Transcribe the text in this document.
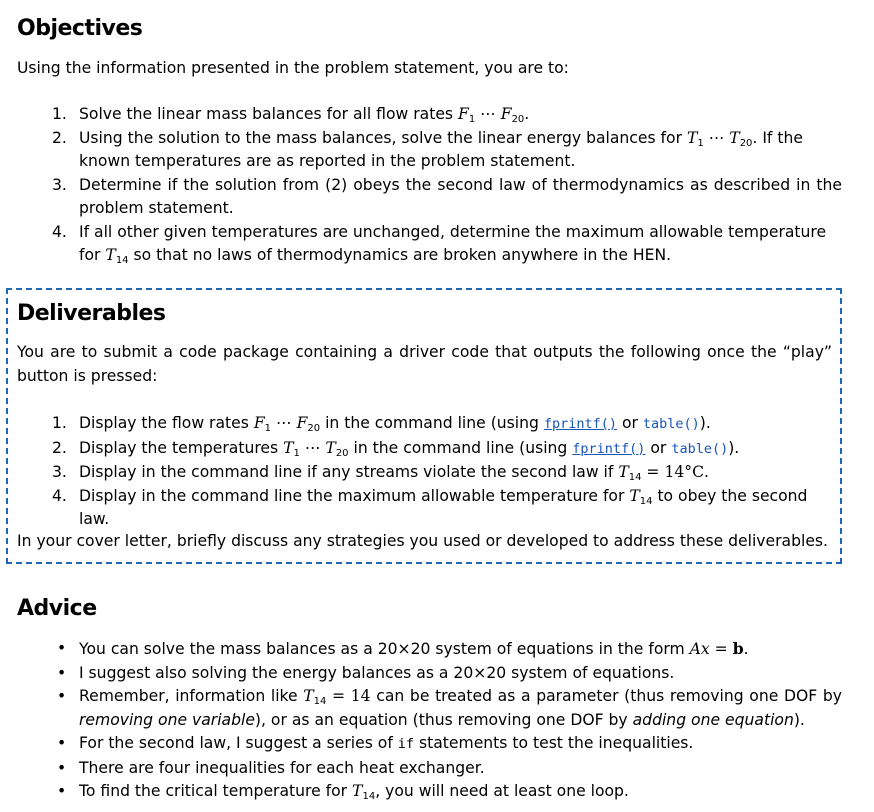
Objectives

Using the information presented in the problem statement, you are to:

1. Solve the linear mass balances for all flow rates $F_1$ ⋯ $F_{20}$.
2. Using the solution to the mass balances, solve the linear energy balances for $T_1$ ⋯ $T_{20}$. If the known temperatures are as reported in the problem statement.
3. Determine if the solution from (2) obeys the second law of thermodynamics as described in the problem statement.
4. If all other given temperatures are unchanged, determine the maximum allowable temperature for $T_{14}$ so that no laws of thermodynamics are broken anywhere in the HEN.
Deliverables

You are to submit a code package containing a driver code that outputs the following once the “play” button is pressed:

1. Display the flow rates $F_1$ ⋯ $F_{20}$ in the command line (using fprintf() or table()).
2. Display the temperatures $T_1$ ⋯ $T_{20}$ in the command line (using fprintf() or table()).
3. Display in the command line if any streams violate the second law if $T_{14} = 14^\circ C$.
4. Display in the command line the maximum allowable temperature for $T_{14}$ to obey the second law.

In your cover letter, briefly discuss any strategies you used or developed to address these deliverables.

Advice
• You can solve the mass balances as a 20×20 system of equations in the form Ax = b.
• I suggest also solving the energy balances as a 20×20 system of equations.
• Remember, information like $T_{14} = 14$ can be treated as a parameter (thus removing one DOF by removing one variable), or as an equation (thus removing one DOF by adding one equation).
• For the second law, I suggest a series of if statements to test the inequalities.
• There are four inequalities for each heat exchanger.
• To find the critical temperature for $T_{14}$, you will need at least one loop.
